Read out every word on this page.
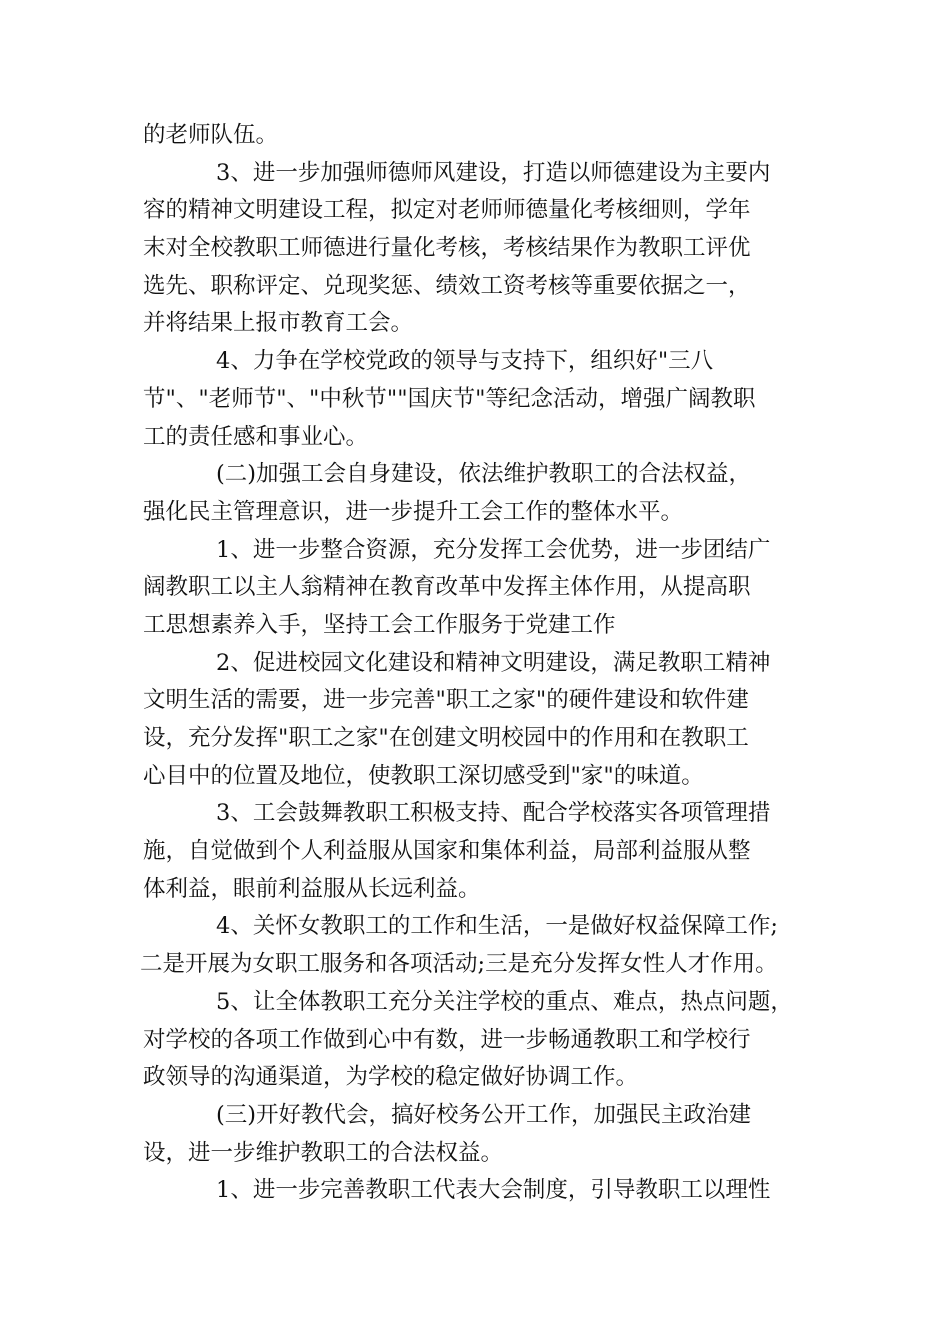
的老师队伍。
3、进一步加强师德师风建设，打造以师德建设为主要内
容的精神文明建设工程，拟定对老师师德量化考核细则，学年
末对全校教职工师德进行量化考核，考核结果作为教职工评优
选先、职称评定、兑现奖惩、绩效工资考核等重要依据之一，
并将结果上报市教育工会。
4、力争在学校党政的领导与支持下，组织好"三八
节"、"老师节"、"中秋节""国庆节"等纪念活动，增强广阔教职
工的责任感和事业心。
(二)加强工会自身建设，依法维护教职工的合法权益，
强化民主管理意识，进一步提升工会工作的整体水平。
1、进一步整合资源，充分发挥工会优势，进一步团结广
阔教职工以主人翁精神在教育改革中发挥主体作用，从提高职
工思想素养入手，坚持工会工作服务于党建工作
2、促进校园文化建设和精神文明建设，满足教职工精神
文明生活的需要，进一步完善"职工之家"的硬件建设和软件建
设，充分发挥"职工之家"在创建文明校园中的作用和在教职工
心目中的位置及地位，使教职工深切感受到"家"的味道。
3、工会鼓舞教职工积极支持、配合学校落实各项管理措
施，自觉做到个人利益服从国家和集体利益，局部利益服从整
体利益，眼前利益服从长远利益。
4、关怀女教职工的工作和生活，一是做好权益保障工作;
二是开展为女职工服务和各项活动;三是充分发挥女性人才作用。
5、让全体教职工充分关注学校的重点、难点，热点问题，
对学校的各项工作做到心中有数，进一步畅通教职工和学校行
政领导的沟通渠道，为学校的稳定做好协调工作。
(三)开好教代会，搞好校务公开工作，加强民主政治建
设，进一步维护教职工的合法权益。
1、进一步完善教职工代表大会制度，引导教职工以理性
